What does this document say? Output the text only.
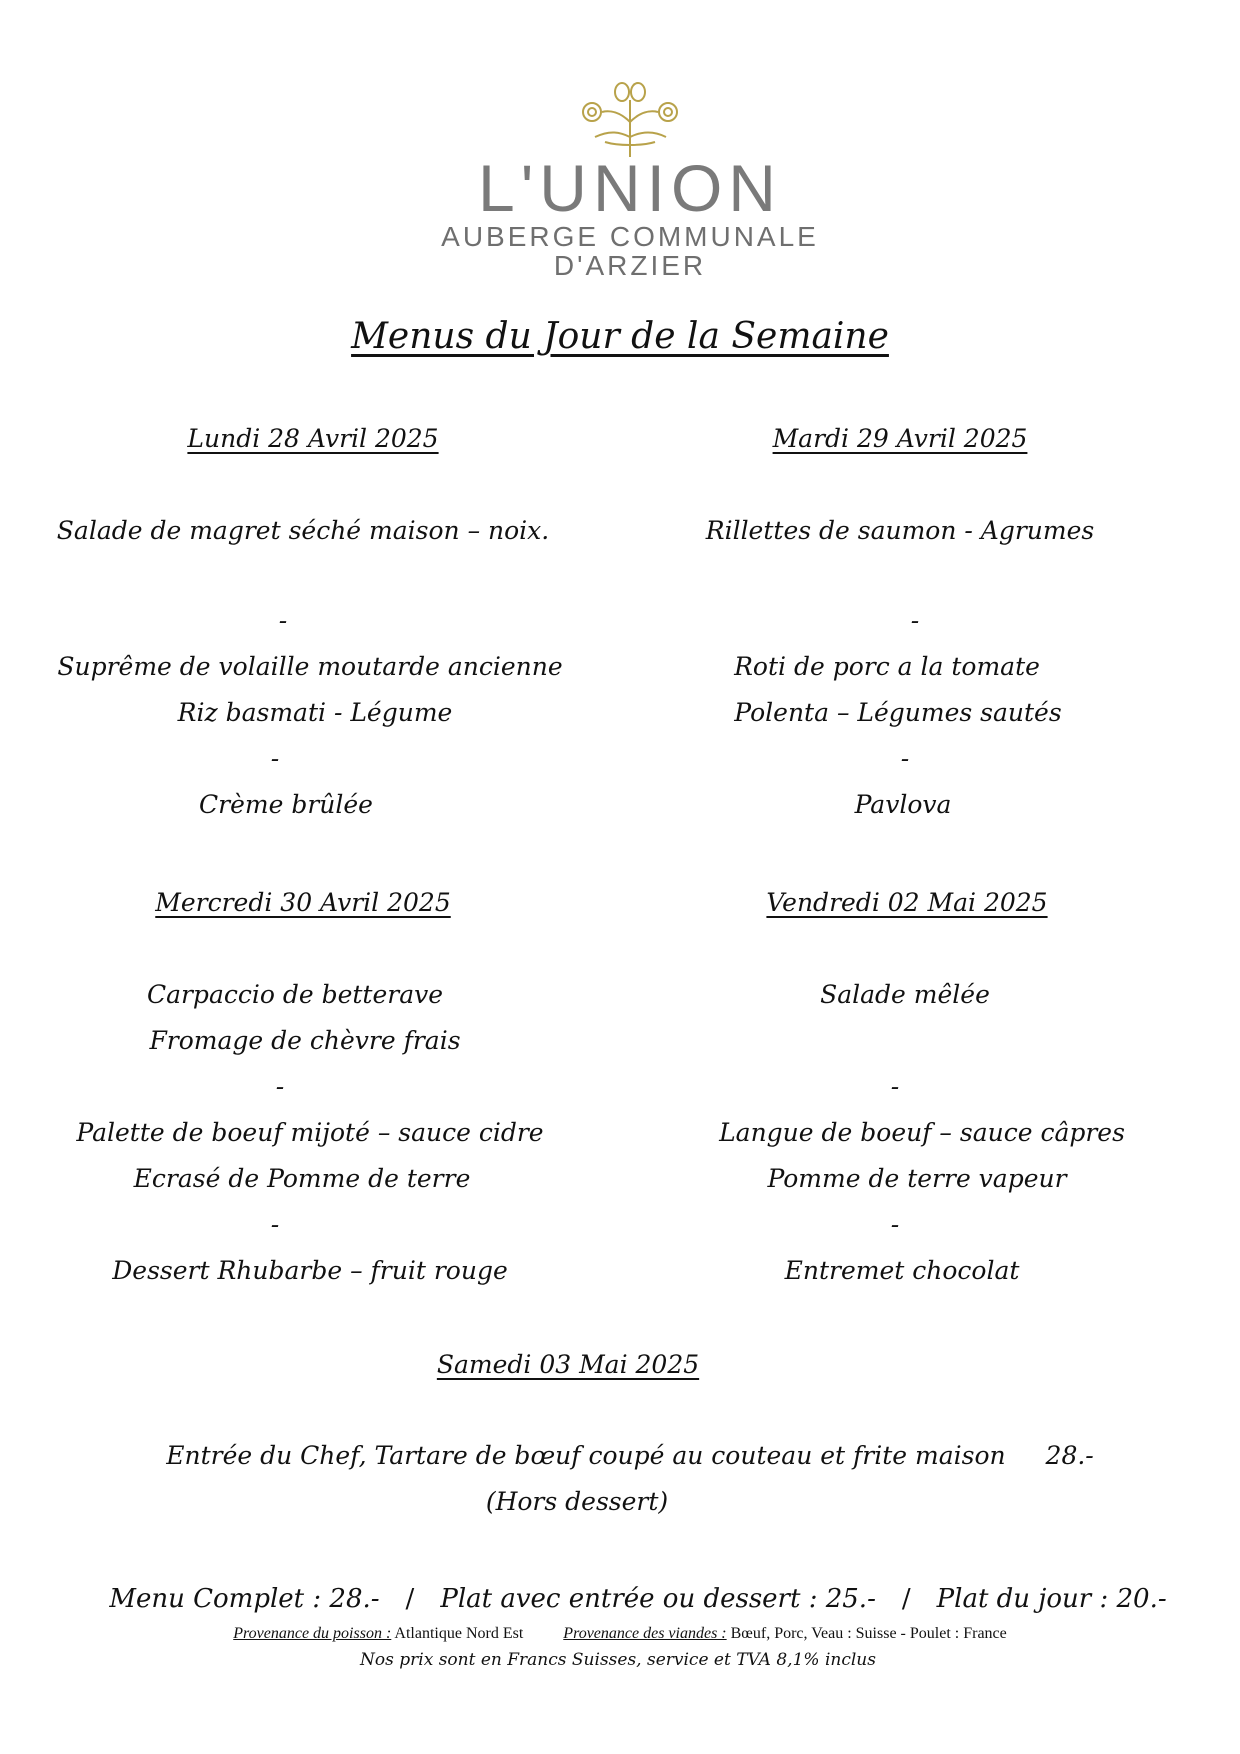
L'UNION
AUBERGE COMMUNALE
D'ARZIER
Menus du Jour de la Semaine
Lundi 28 Avril 2025
Salade de magret séché maison – noix.
-
Suprême de volaille moutarde ancienne
Riz basmati - Légume
-
Crème brûlée
Mardi 29 Avril 2025
Rillettes de saumon - Agrumes
-
Roti de porc a la tomate
Polenta – Légumes sautés
-
Pavlova
Mercredi 30 Avril 2025
Carpaccio de betterave
Fromage de chèvre frais
-
Palette de boeuf mijoté – sauce cidre
Ecrasé de Pomme de terre
-
Dessert Rhubarbe – fruit rouge
Vendredi 02 Mai 2025
Salade mêlée
-
Langue de boeuf – sauce câpres
Pomme de terre vapeur
-
Entremet chocolat
Samedi 03 Mai 2025
Entrée du Chef, Tartare de bœuf coupé au couteau et frite maison 28.-
(Hors dessert)
Menu Complet : 28.- / Plat avec entrée ou dessert : 25.- / Plat du jour : 20.-
Provenance du poisson : Atlantique Nord Est	Provenance des viandes : Bœuf, Porc, Veau : Suisse - Poulet : France
Nos prix sont en Francs Suisses, service et TVA 8,1% inclus
